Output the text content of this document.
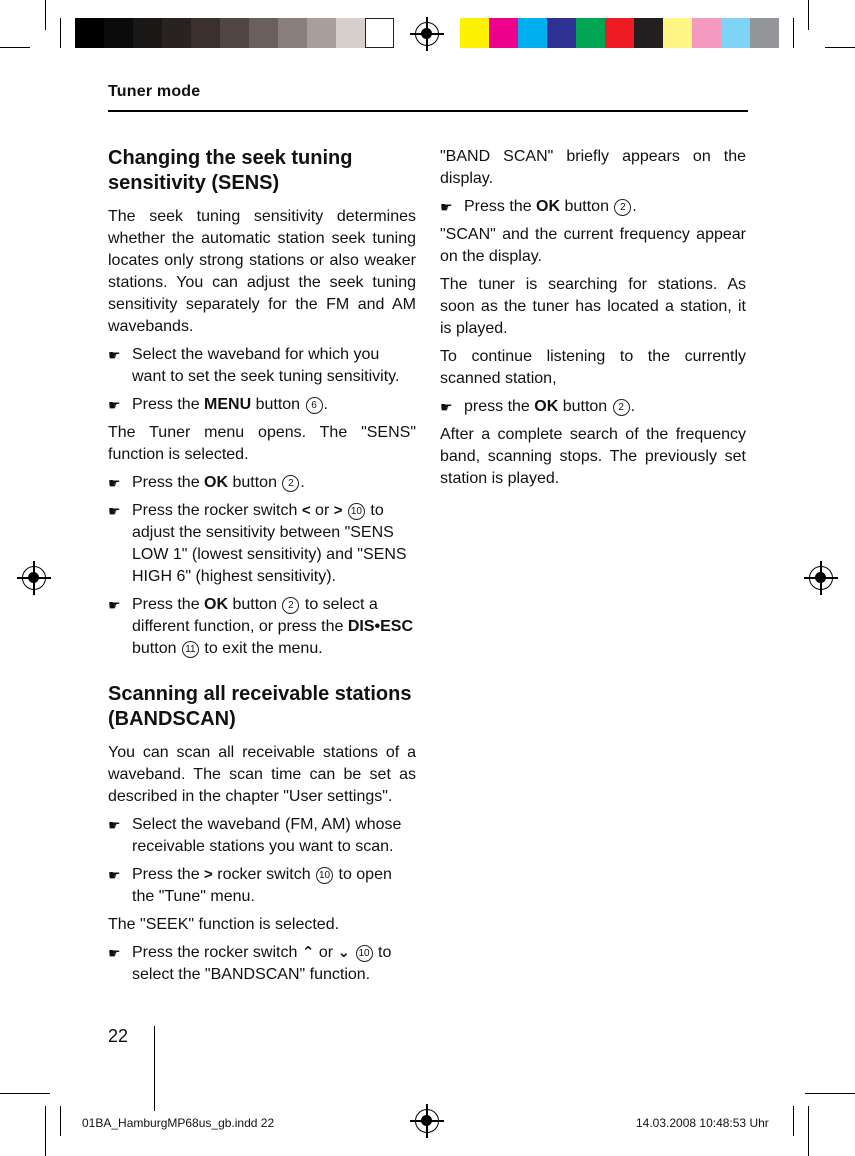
Tuner mode
Changing the seek tuning sensitivity (SENS)

The seek tuning sensitivity determines whether the automatic station seek tuning locates only strong stations or also weaker stations. You can adjust the seek tuning sensitivity separately for the FM and AM wavebands.

☛ Select the waveband for which you want to set the seek tuning sensitivity.
☛ Press the MENU button 6 .

The Tuner menu opens. The "SENS" function is selected.

☛ Press the OK button 2 .
☛ Press the rocker switch < or > 10 to adjust the sensitivity between "SENS LOW 1" (lowest sensitivity) and "SENS HIGH 6" (highest sensitivity).
☛ Press the OK button 2 to select a different function, or press the DIS•ESC button 11 to exit the menu.
Scanning all receivable stations (BANDSCAN)

You can scan all receivable stations of a waveband. The scan time can be set as described in the chapter "User settings".

☛ Select the waveband (FM, AM) whose receivable stations you want to scan.
☛ Press the > rocker switch 10 to open the "Tune" menu.

The "SEEK" function is selected.

☛ Press the rocker switch ⌃ or ⌄ 10 to select the "BANDSCAN" function.

"BAND SCAN" briefly appears on the display.

☛ Press the OK button 2 .

"SCAN" and the current frequency appear on the display.

The tuner is searching for stations. As soon as the tuner has located a station, it is played.

To continue listening to the currently scanned station,

☛ press the OK button 2 .

After a complete search of the frequency band, scanning stops. The previously set station is played.

22
01BA_HamburgMP68us_gb.indd 22	14.03.2008 10:48:53 Uhr
